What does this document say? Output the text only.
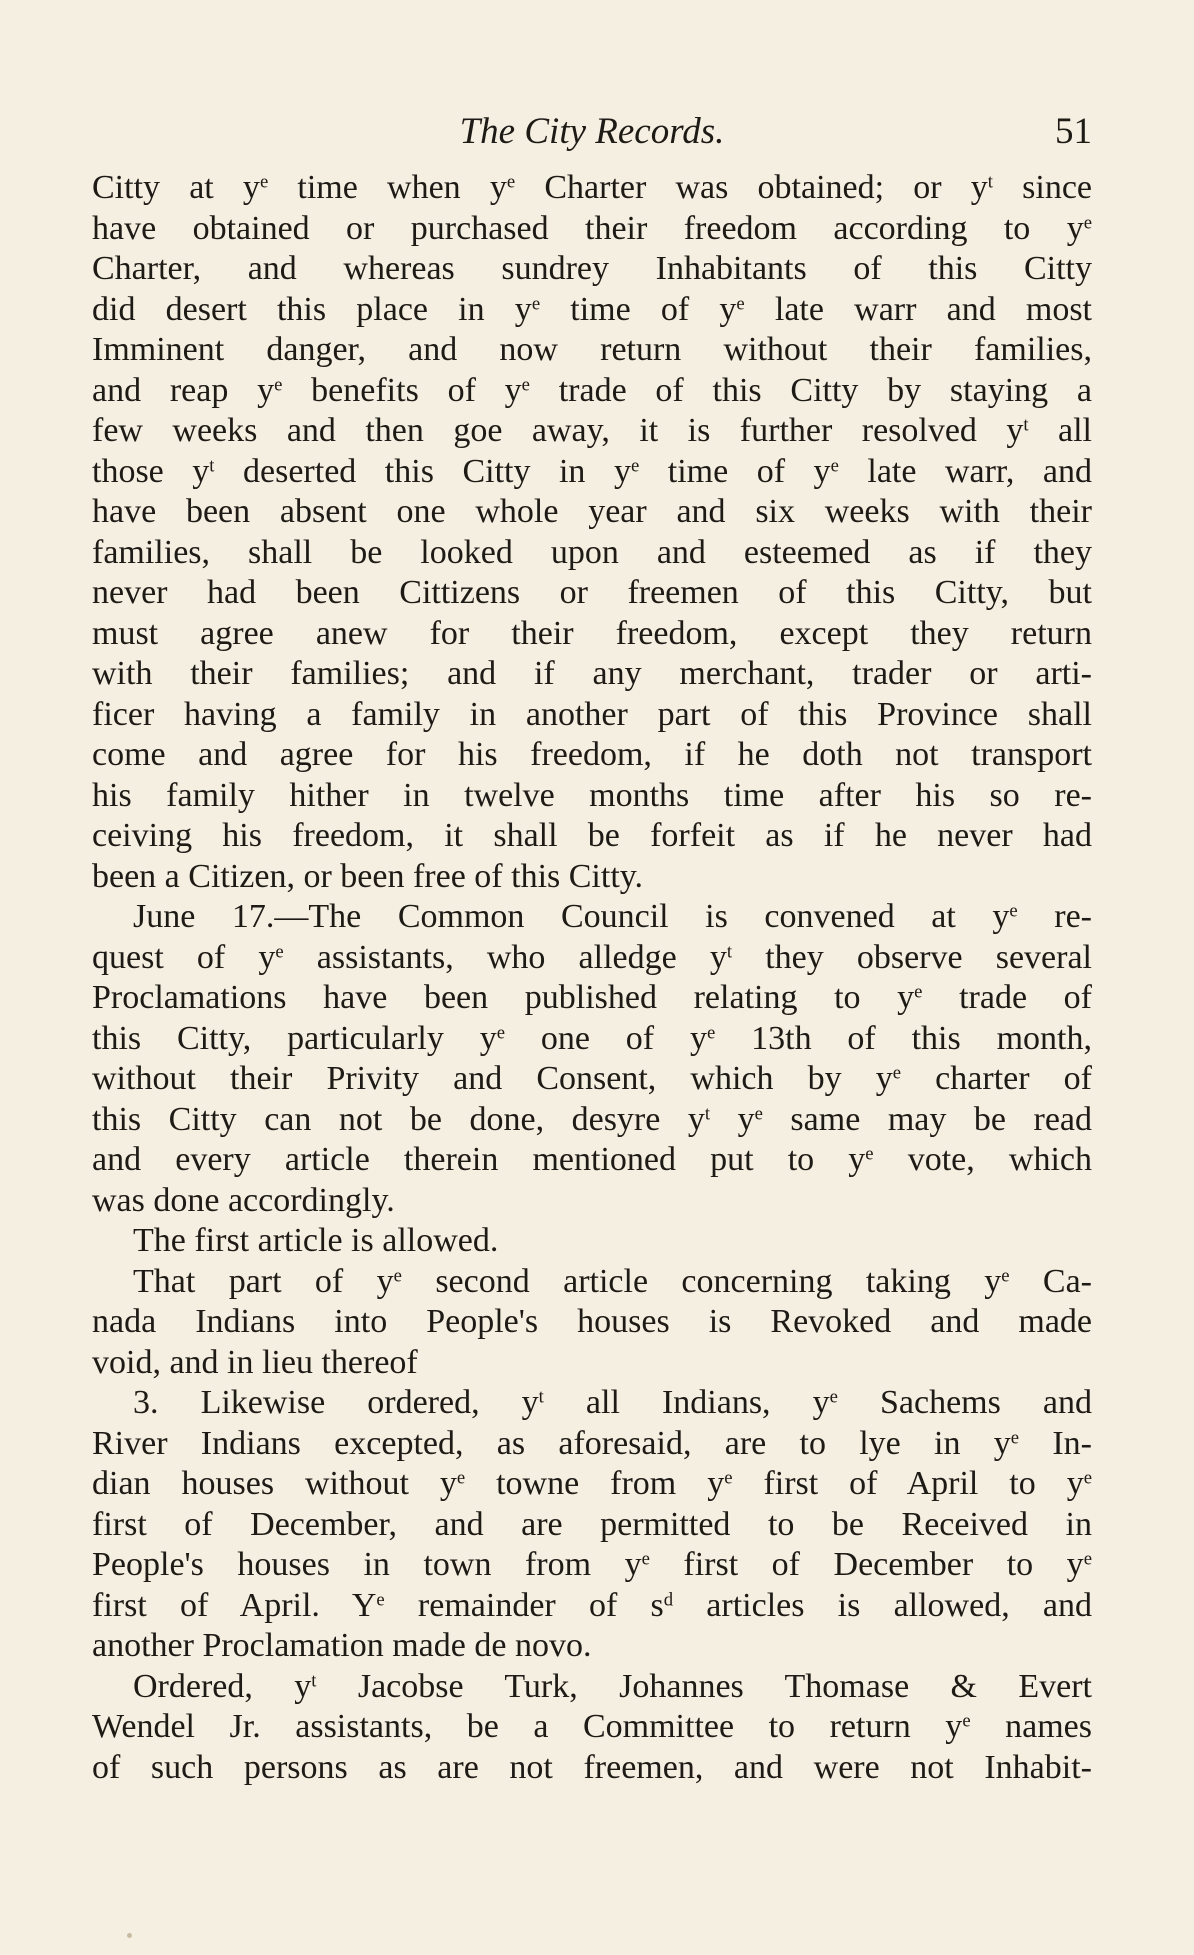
The City Records.	51
Citty at $y^e$ time when $y^e$ Charter was obtained; or $y^t$ since
have obtained or purchased their freedom according to $y^e$
Charter, and whereas sundrey Inhabitants of this Citty
did desert this place in $y^e$ time of $y^e$ late warr and most
Imminent danger, and now return without their families,
and reap $y^e$ benefits of $y^e$ trade of this Citty by staying a
few weeks and then goe away, it is further resolved $y^t$ all
those $y^t$ deserted this Citty in $y^e$ time of $y^e$ late warr, and
have been absent one whole year and six weeks with their
families, shall be looked upon and esteemed as if they
never had been Cittizens or freemen of this Citty, but
must agree anew for their freedom, except they return
with their families; and if any merchant, trader or arti-
ficer having a family in another part of this Province shall
come and agree for his freedom, if he doth not transport
his family hither in twelve months time after his so re-
ceiving his freedom, it shall be forfeit as if he never had
been a Citizen, or been free of this Citty.
June 17.—The Common Council is convened at $y^e$ re-
quest of $y^e$ assistants, who alledge $y^t$ they observe several
Proclamations have been published relating to $y^e$ trade of
this Citty, particularly $y^e$ one of $y^e$ 13th of this month,
without their Privity and Consent, which by $y^e$ charter of
this Citty can not be done, desyre $y^t$ $y^e$ same may be read
and every article therein mentioned put to $y^e$ vote, which
was done accordingly.
The first article is allowed.
That part of $y^e$ second article concerning taking $y^e$ Ca-
nada Indians into People's houses is Revoked and made
void, and in lieu thereof
3. Likewise ordered, $y^t$ all Indians, $y^e$ Sachems and
River Indians excepted, as aforesaid, are to lye in $y^e$ In-
dian houses without $y^e$ towne from $y^e$ first of April to $y^e$
first of December, and are permitted to be Received in
People's houses in town from $y^e$ first of December to $y^e$
first of April. $Y^e$ remainder of $s^d$ articles is allowed, and
another Proclamation made de novo.
Ordered, $y^t$ Jacobse Turk, Johannes Thomase & Evert
Wendel Jr. assistants, be a Committee to return $y^e$ names
of such persons as are not freemen, and were not Inhabit-
